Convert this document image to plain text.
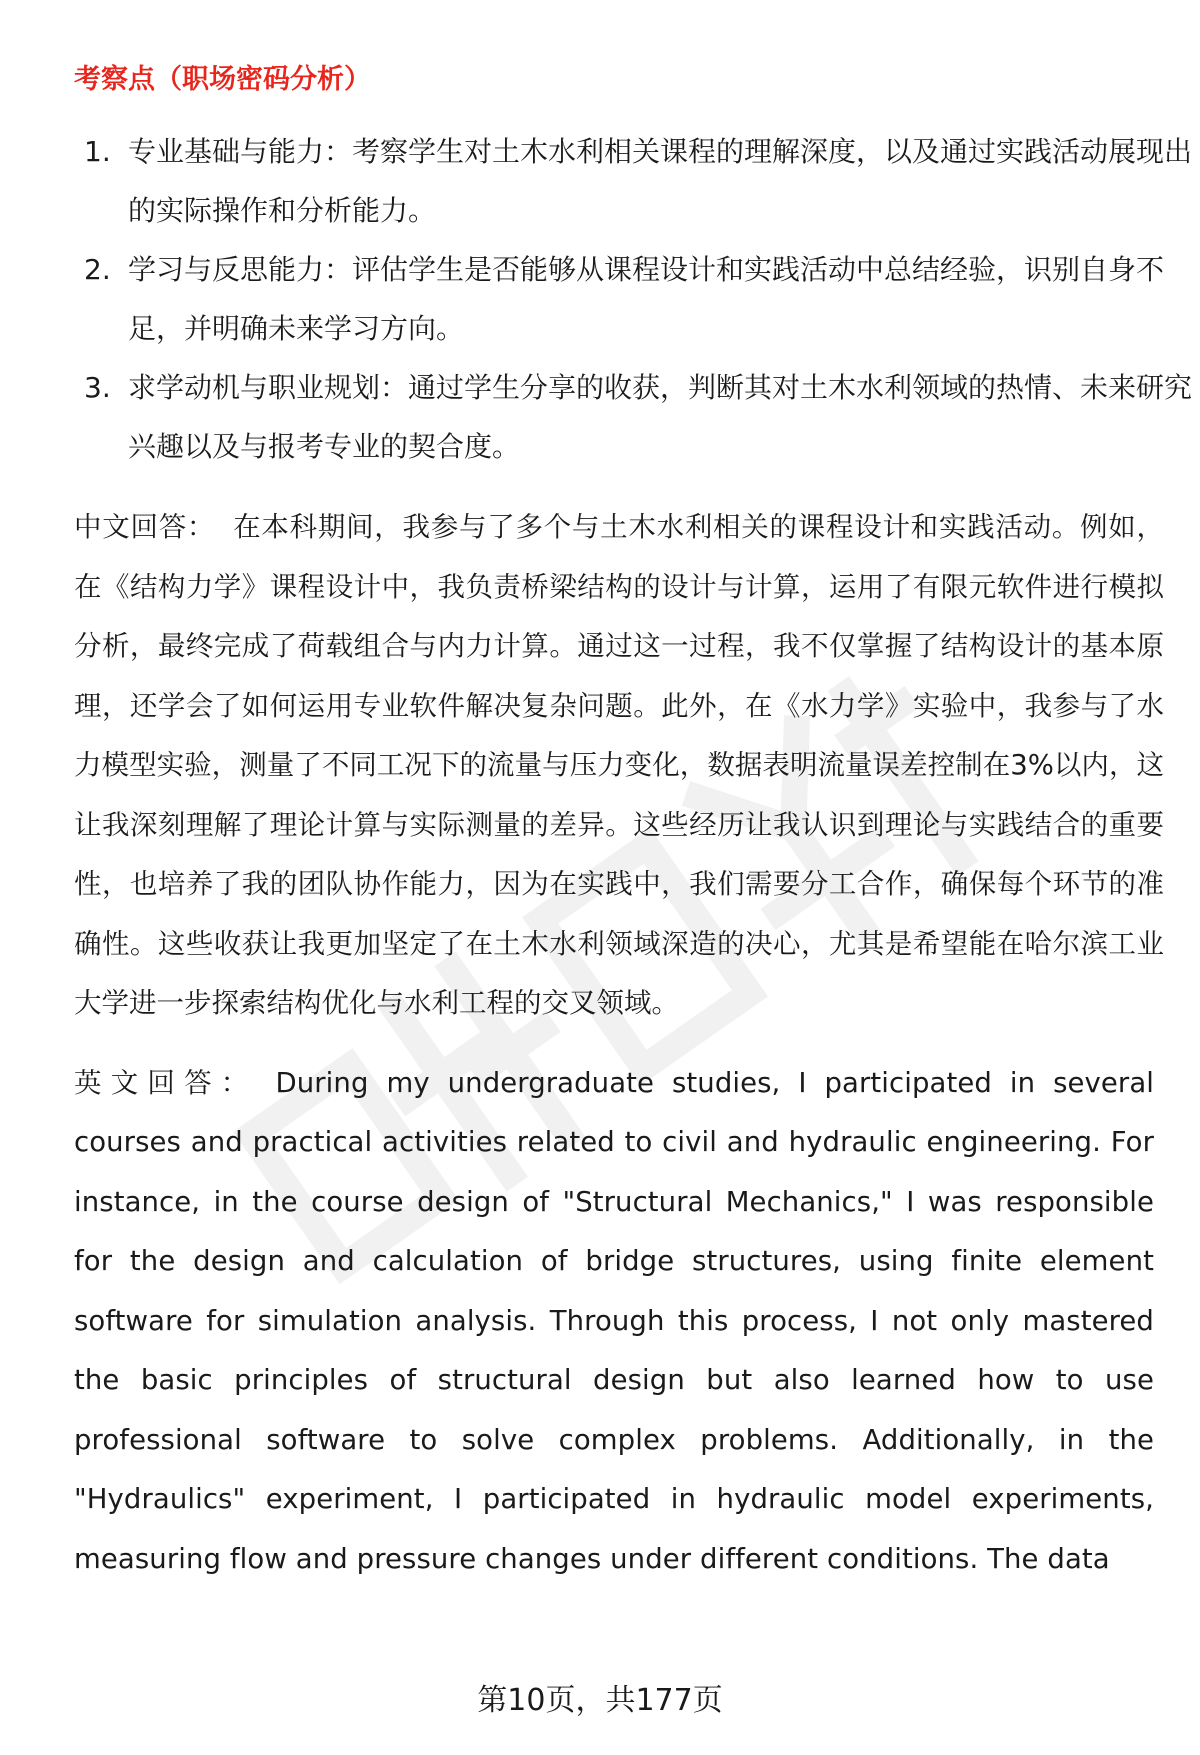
考察点（职场密码分析）
1. 专业基础与能力：考察学生对土木水利相关课程的理解深度，以及通过实践活动展现出的实际操作和分析能力。
2. 学习与反思能力：评估学生是否能够从课程设计和实践活动中总结经验，识别自身不足，并明确未来学习方向。
3. 求学动机与职业规划：通过学生分享的收获，判断其对土木水利领域的热情、未来研究兴趣以及与报考专业的契合度。

中文回答： 在本科期间，我参与了多个与土木水利相关的课程设计和实践活动。例如，在《结构力学》课程设计中，我负责桥梁结构的设计与计算，运用了有限元软件进行模拟分析，最终完成了荷载组合与内力计算。通过这一过程，我不仅掌握了结构设计的基本原理，还学会了如何运用专业软件解决复杂问题。此外，在《水力学》实验中，我参与了水力模型实验，测量了不同工况下的流量与压力变化，数据表明流量误差控制在3%以内，这让我深刻理解了理论计算与实际测量的差异。这些经历让我认识到理论与实践结合的重要性，也培养了我的团队协作能力，因为在实践中，我们需要分工合作，确保每个环节的准确性。这些收获让我更加坚定了在土木水利领域深造的决心，尤其是希望能在哈尔滨工业大学进一步探索结构优化与水利工程的交叉领域。

英文回答： During my undergraduate studies, I participated in several courses and practical activities related to civil and hydraulic engineering. For instance, in the course design of "Structural Mechanics," I was responsible for the design and calculation of bridge structures, using finite element software for simulation analysis. Through this process, I not only mastered the basic principles of structural design but also learned how to use professional software to solve complex problems. Additionally, in the "Hydraulics" experiment, I participated in hydraulic model experiments, measuring flow and pressure changes under different conditions. The data

第10页，共177页
